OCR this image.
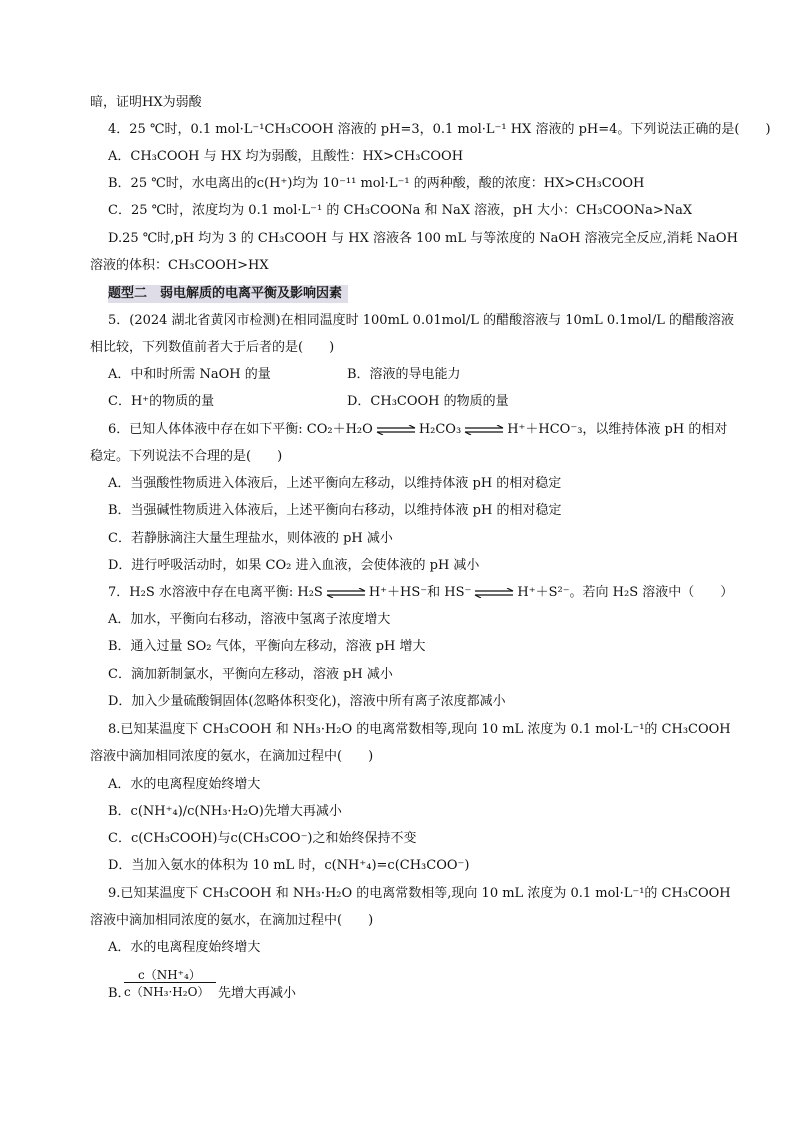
暗，证明HX为弱酸
4．25 ℃时，0.1 mol·L⁻¹CH₃COOH 溶液的 pH=3，0.1 mol·L⁻¹ HX 溶液的 pH=4。下列说法正确的是(　　)
A．CH₃COOH 与 HX 均为弱酸，且酸性：HX>CH₃COOH
B．25 ℃时，水电离出的c(H⁺)均为 10⁻¹¹ mol·L⁻¹ 的两种酸，酸的浓度：HX>CH₃COOH
C．25 ℃时，浓度均为 0.1 mol·L⁻¹ 的 CH₃COONa 和 NaX 溶液，pH 大小：CH₃COONa>NaX
D.25 ℃时,pH 均为 3 的 CH₃COOH 与 HX 溶液各 100 mL 与等浓度的 NaOH 溶液完全反应,消耗 NaOH
溶液的体积：CH₃COOH>HX
题型二　弱电解质的电离平衡及影响因素
5．(2024 湖北省黄冈市检测)在相同温度时 100mL 0.01mol/L 的醋酸溶液与 10mL 0.1mol/L 的醋酸溶液
相比较，下列数值前者大于后者的是(　　)
A．中和时所需 NaOH 的量	B．溶液的导电能力
C．H⁺的物质的量	D．CH₃COOH 的物质的量
6．已知人体体液中存在如下平衡: CO₂＋H₂O ⇌ H₂CO₃ ⇌ H⁺＋HCO⁻₃，以维持体液 pH 的相对
稳定。下列说法不合理的是(　　)
A．当强酸性物质进入体液后，上述平衡向左移动，以维持体液 pH 的相对稳定
B．当强碱性物质进入体液后，上述平衡向右移动，以维持体液 pH 的相对稳定
C．若静脉滴注大量生理盐水，则体液的 pH 减小
D．进行呼吸活动时，如果 CO₂ 进入血液，会使体液的 pH 减小
7．H₂S 水溶液中存在电离平衡: H₂S ⇌ H⁺＋HS⁻和 HS⁻ ⇌ H⁺＋S²⁻。若向 H₂S 溶液中（　　）
A．加水，平衡向右移动，溶液中氢离子浓度增大
B．通入过量 SO₂ 气体，平衡向左移动，溶液 pH 增大
C．滴加新制氯水，平衡向左移动，溶液 pH 减小
D．加入少量硫酸铜固体(忽略体积变化)，溶液中所有离子浓度都减小
8.已知某温度下 CH₃COOH 和 NH₃·H₂O 的电离常数相等,现向 10 mL 浓度为 0.1 mol·L⁻¹的 CH₃COOH
溶液中滴加相同浓度的氨水，在滴加过程中(　　)
A．水的电离程度始终增大
B．c(NH⁺₄)/c(NH₃·H₂O)先增大再减小
C．c(CH₃COOH)与c(CH₃COO⁻)之和始终保持不变
D．当加入氨水的体积为 10 mL 时，c(NH⁺₄)=c(CH₃COO⁻)
9.已知某温度下 CH₃COOH 和 NH₃·H₂O 的电离常数相等,现向 10 mL 浓度为 0.1 mol·L⁻¹的 CH₃COOH
溶液中滴加相同浓度的氨水，在滴加过程中(　　)
A．水的电离程度始终增大
B．
c（NH⁺₄）
c（NH₃·H₂O） 先增大再减小
